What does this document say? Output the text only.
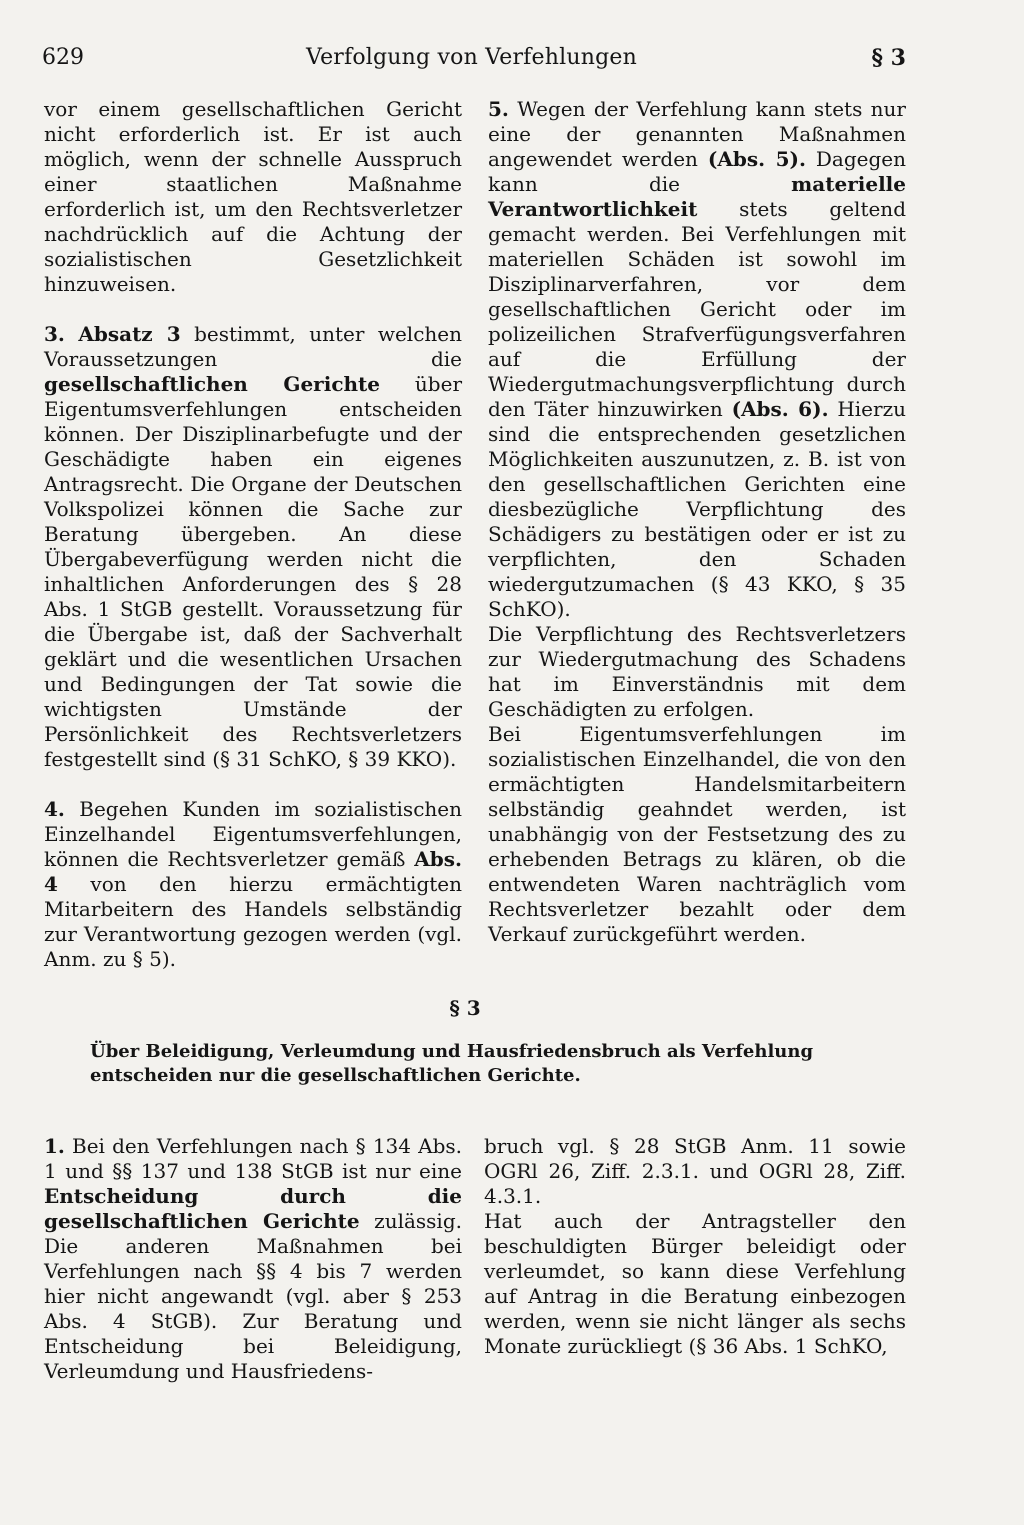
629	Verfolgung von Verfehlungen	§ 3

vor einem gesellschaftlichen Gericht nicht erforderlich ist. Er ist auch möglich, wenn der schnelle Ausspruch einer staatlichen Maßnahme erforderlich ist, um den Rechtsverletzer nachdrücklich auf die Achtung der sozialistischen Gesetzlichkeit hinzuweisen.

3. Absatz 3 bestimmt, unter welchen Voraussetzungen die gesellschaftlichen Gerichte über Eigentumsverfehlungen entscheiden können. Der Disziplinarbefugte und der Geschädigte haben ein eigenes Antragsrecht. Die Organe der Deutschen Volkspolizei können die Sache zur Beratung übergeben. An diese Übergabeverfügung werden nicht die inhaltlichen Anforderungen des § 28 Abs. 1 StGB gestellt. Voraussetzung für die Übergabe ist, daß der Sachverhalt geklärt und die wesentlichen Ursachen und Bedingungen der Tat sowie die wichtigsten Umstände der Persönlichkeit des Rechtsverletzers festgestellt sind (§ 31 SchKO, § 39 KKO).

4. Begehen Kunden im sozialistischen Einzelhandel Eigentumsverfehlungen, können die Rechtsverletzer gemäß Abs. 4 von den hierzu ermächtigten Mitarbeitern des Handels selbständig zur Verantwortung gezogen werden (vgl. Anm. zu § 5).

5. Wegen der Verfehlung kann stets nur eine der genannten Maßnahmen angewendet werden (Abs. 5). Dagegen kann die materielle Verantwortlichkeit stets geltend gemacht werden. Bei Verfehlungen mit materiellen Schäden ist sowohl im Disziplinarverfahren, vor dem gesellschaftlichen Gericht oder im polizeilichen Strafverfügungsverfahren auf die Erfüllung der Wiedergutmachungsverpflichtung durch den Täter hinzuwirken (Abs. 6). Hierzu sind die entsprechenden gesetzlichen Möglichkeiten auszunutzen, z. B. ist von den gesellschaftlichen Gerichten eine diesbezügliche Verpflichtung des Schädigers zu bestätigen oder er ist zu verpflichten, den Schaden wiedergutzumachen (§ 43 KKO, § 35 SchKO).

Die Verpflichtung des Rechtsverletzers zur Wiedergutmachung des Schadens hat im Einverständnis mit dem Geschädigten zu erfolgen.

Bei Eigentumsverfehlungen im sozialistischen Einzelhandel, die von den ermächtigten Handelsmitarbeitern selbständig geahndet werden, ist unabhängig von der Festsetzung des zu erhebenden Betrags zu klären, ob die entwendeten Waren nachträglich vom Rechtsverletzer bezahlt oder dem Verkauf zurückgeführt werden.

§ 3
Über Beleidigung, Verleumdung und Hausfriedensbruch als Verfehlung entscheiden nur die gesellschaftlichen Gerichte.

1. Bei den Verfehlungen nach § 134 Abs. 1 und §§ 137 und 138 StGB ist nur eine Entscheidung durch die gesellschaftlichen Gerichte zulässig. Die anderen Maßnahmen bei Verfehlungen nach §§ 4 bis 7 werden hier nicht angewandt (vgl. aber § 253 Abs. 4 StGB). Zur Beratung und Entscheidung bei Beleidigung, Verleumdung und Hausfriedens-

bruch vgl. § 28 StGB Anm. 11 sowie OGRl 26, Ziff. 2.3.1. und OGRl 28, Ziff. 4.3.1.

Hat auch der Antragsteller den beschuldigten Bürger beleidigt oder verleumdet, so kann diese Verfehlung auf Antrag in die Beratung einbezogen werden, wenn sie nicht länger als sechs Monate zurückliegt (§ 36 Abs. 1 SchKO,
